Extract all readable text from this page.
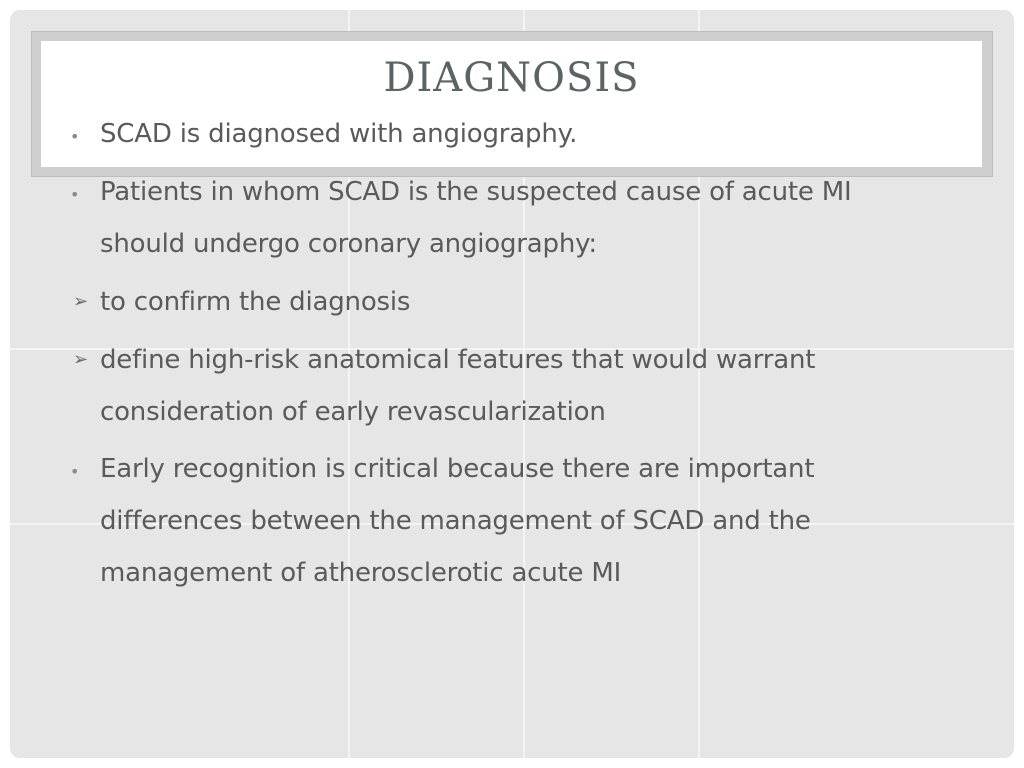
DIAGNOSIS
• SCAD is diagnosed with angiography.
• Patients in whom SCAD is the suspected cause of acute MI
should undergo coronary angiography:
➢ to confirm the diagnosis
➢ define high-risk anatomical features that would warrant
consideration of early revascularization
• Early recognition is critical because there are important
differences between the management of SCAD and the
management of atherosclerotic acute MI
